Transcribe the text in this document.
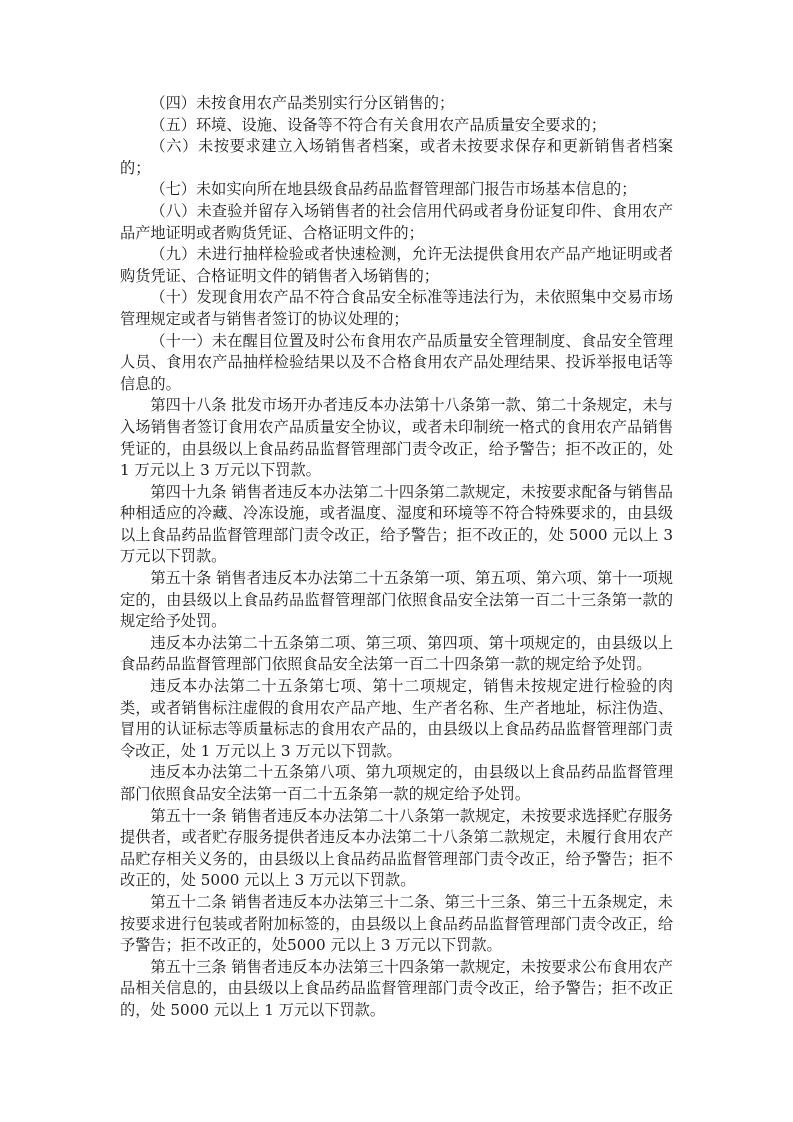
（四）未按食用农产品类别实行分区销售的；

（五）环境、设施、设备等不符合有关食用农产品质量安全要求的；

（六）未按要求建立入场销售者档案，或者未按要求保存和更新销售者档案的；

（七）未如实向所在地县级食品药品监督管理部门报告市场基本信息的；

（八）未查验并留存入场销售者的社会信用代码或者身份证复印件、食用农产品产地证明或者购货凭证、合格证明文件的；

（九）未进行抽样检验或者快速检测，允许无法提供食用农产品产地证明或者购货凭证、合格证明文件的销售者入场销售的；

（十）发现食用农产品不符合食品安全标准等违法行为，未依照集中交易市场管理规定或者与销售者签订的协议处理的；

（十一）未在醒目位置及时公布食用农产品质量安全管理制度、食品安全管理人员、食用农产品抽样检验结果以及不合格食用农产品处理结果、投诉举报电话等信息的。

第四十八条 批发市场开办者违反本办法第十八条第一款、第二十条规定，未与入场销售者签订食用农产品质量安全协议，或者未印制统一格式的食用农产品销售凭证的，由县级以上食品药品监督管理部门责令改正，给予警告；拒不改正的，处 1 万元以上 3 万元以下罚款。

第四十九条 销售者违反本办法第二十四条第二款规定，未按要求配备与销售品种相适应的冷藏、冷冻设施，或者温度、湿度和环境等不符合特殊要求的，由县级以上食品药品监督管理部门责令改正，给予警告；拒不改正的，处 5000 元以上 3 万元以下罚款。

第五十条 销售者违反本办法第二十五条第一项、第五项、第六项、第十一项规定的，由县级以上食品药品监督管理部门依照食品安全法第一百二十三条第一款的规定给予处罚。

违反本办法第二十五条第二项、第三项、第四项、第十项规定的，由县级以上食品药品监督管理部门依照食品安全法第一百二十四条第一款的规定给予处罚。

违反本办法第二十五条第七项、第十二项规定，销售未按规定进行检验的肉类，或者销售标注虚假的食用农产品产地、生产者名称、生产者地址，标注伪造、冒用的认证标志等质量标志的食用农产品的，由县级以上食品药品监督管理部门责令改正，处 1 万元以上 3 万元以下罚款。

违反本办法第二十五条第八项、第九项规定的，由县级以上食品药品监督管理部门依照食品安全法第一百二十五条第一款的规定给予处罚。

第五十一条 销售者违反本办法第二十八条第一款规定，未按要求选择贮存服务提供者，或者贮存服务提供者违反本办法第二十八条第二款规定，未履行食用农产品贮存相关义务的，由县级以上食品药品监督管理部门责令改正，给予警告；拒不改正的，处 5000 元以上 3 万元以下罚款。

第五十二条 销售者违反本办法第三十二条、第三十三条、第三十五条规定，未按要求进行包装或者附加标签的，由县级以上食品药品监督管理部门责令改正，给予警告；拒不改正的，处5000 元以上 3 万元以下罚款。

第五十三条 销售者违反本办法第三十四条第一款规定，未按要求公布食用农产品相关信息的，由县级以上食品药品监督管理部门责令改正，给予警告；拒不改正的，处 5000 元以上 1 万元以下罚款。
